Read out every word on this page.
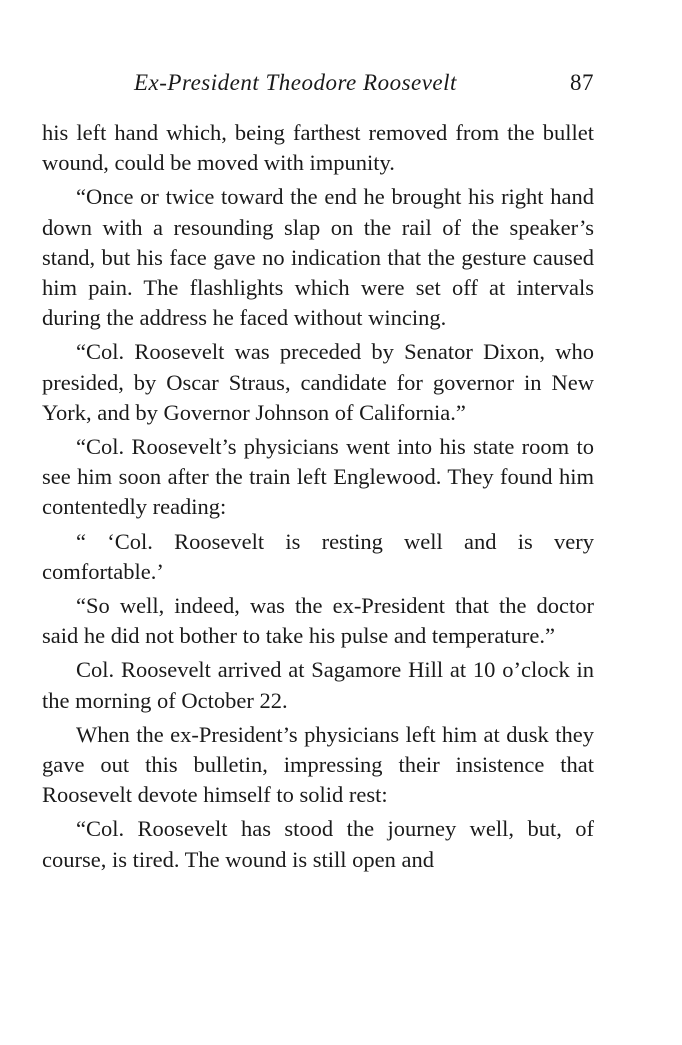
Ex-President Theodore Roosevelt	87

his left hand which, being farthest removed from the bullet wound, could be moved with impunity.

“Once or twice toward the end he brought his right hand down with a resounding slap on the rail of the speaker’s stand, but his face gave no indication that the gesture caused him pain. The flashlights which were set off at intervals during the address he faced without wincing.

“Col. Roosevelt was preceded by Senator Dixon, who presided, by Oscar Straus, candidate for governor in New York, and by Governor Johnson of California.”

“Col. Roosevelt’s physicians went into his state room to see him soon after the train left Englewood. They found him contentedly reading:

“ ‘Col. Roosevelt is resting well and is very comfortable.’

“So well, indeed, was the ex-President that the doctor said he did not bother to take his pulse and temperature.”

Col. Roosevelt arrived at Sagamore Hill at 10 o’clock in the morning of October 22.

When the ex-President’s physicians left him at dusk they gave out this bulletin, impressing their insistence that Roosevelt devote himself to solid rest:

“Col. Roosevelt has stood the journey well, but, of course, is tired. The wound is still open and
